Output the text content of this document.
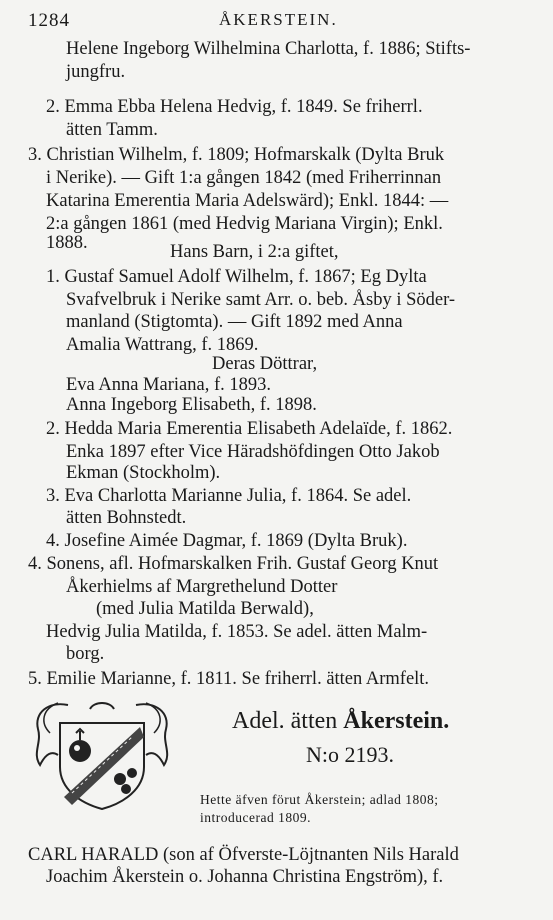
1284	ÅKERSTEIN.
Helene Ingeborg Wilhelmina Charlotta, f. 1886; Stifts-
jungfru.
2. Emma Ebba Helena Hedvig, f. 1849. Se friherrl.
ätten Tamm.
3. Christian Wilhelm, f. 1809; Hofmarskalk (Dylta Bruk
i Nerike). — Gift 1:a gången 1842 (med Friherrinnan
Katarina Emerentia Maria Adelswärd); Enkl. 1844: —
2:a gången 1861 (med Hedvig Mariana Virgin); Enkl.
1888.	Hans Barn, i 2:a giftet,
1. Gustaf Samuel Adolf Wilhelm, f. 1867; Eg Dylta
Svafvelbruk i Nerike samt Arr. o. beb. Åsby i Söder-
manland (Stigtomta). — Gift 1892 med Anna
Amalia Wattrang, f. 1869.
Deras Döttrar,
Eva Anna Mariana, f. 1893.
Anna Ingeborg Elisabeth, f. 1898.
2. Hedda Maria Emerentia Elisabeth Adelaïde, f. 1862.
Enka 1897 efter Vice Häradshöfdingen Otto Jakob
Ekman (Stockholm).
3. Eva Charlotta Marianne Julia, f. 1864. Se adel.
ätten Bohnstedt.
4. Josefine Aimée Dagmar, f. 1869 (Dylta Bruk).
4. Sonens, afl. Hofmarskalken Frih. Gustaf Georg Knut
Åkerhielms af Margrethelund Dotter
(med Julia Matilda Berwald),
Hedvig Julia Matilda, f. 1853. Se adel. ätten Malm-
borg.
5. Emilie Marianne, f. 1811. Se friherrl. ätten Armfelt.
Adel. ätten Åkerstein.
N:o 2193.
Hette äfven förut Åkerstein; adlad 1808;
introducerad 1809.
CARL HARALD (son af Öfverste-Löjtnanten Nils Harald
Joachim Åkerstein o. Johanna Christina Engström), f.
